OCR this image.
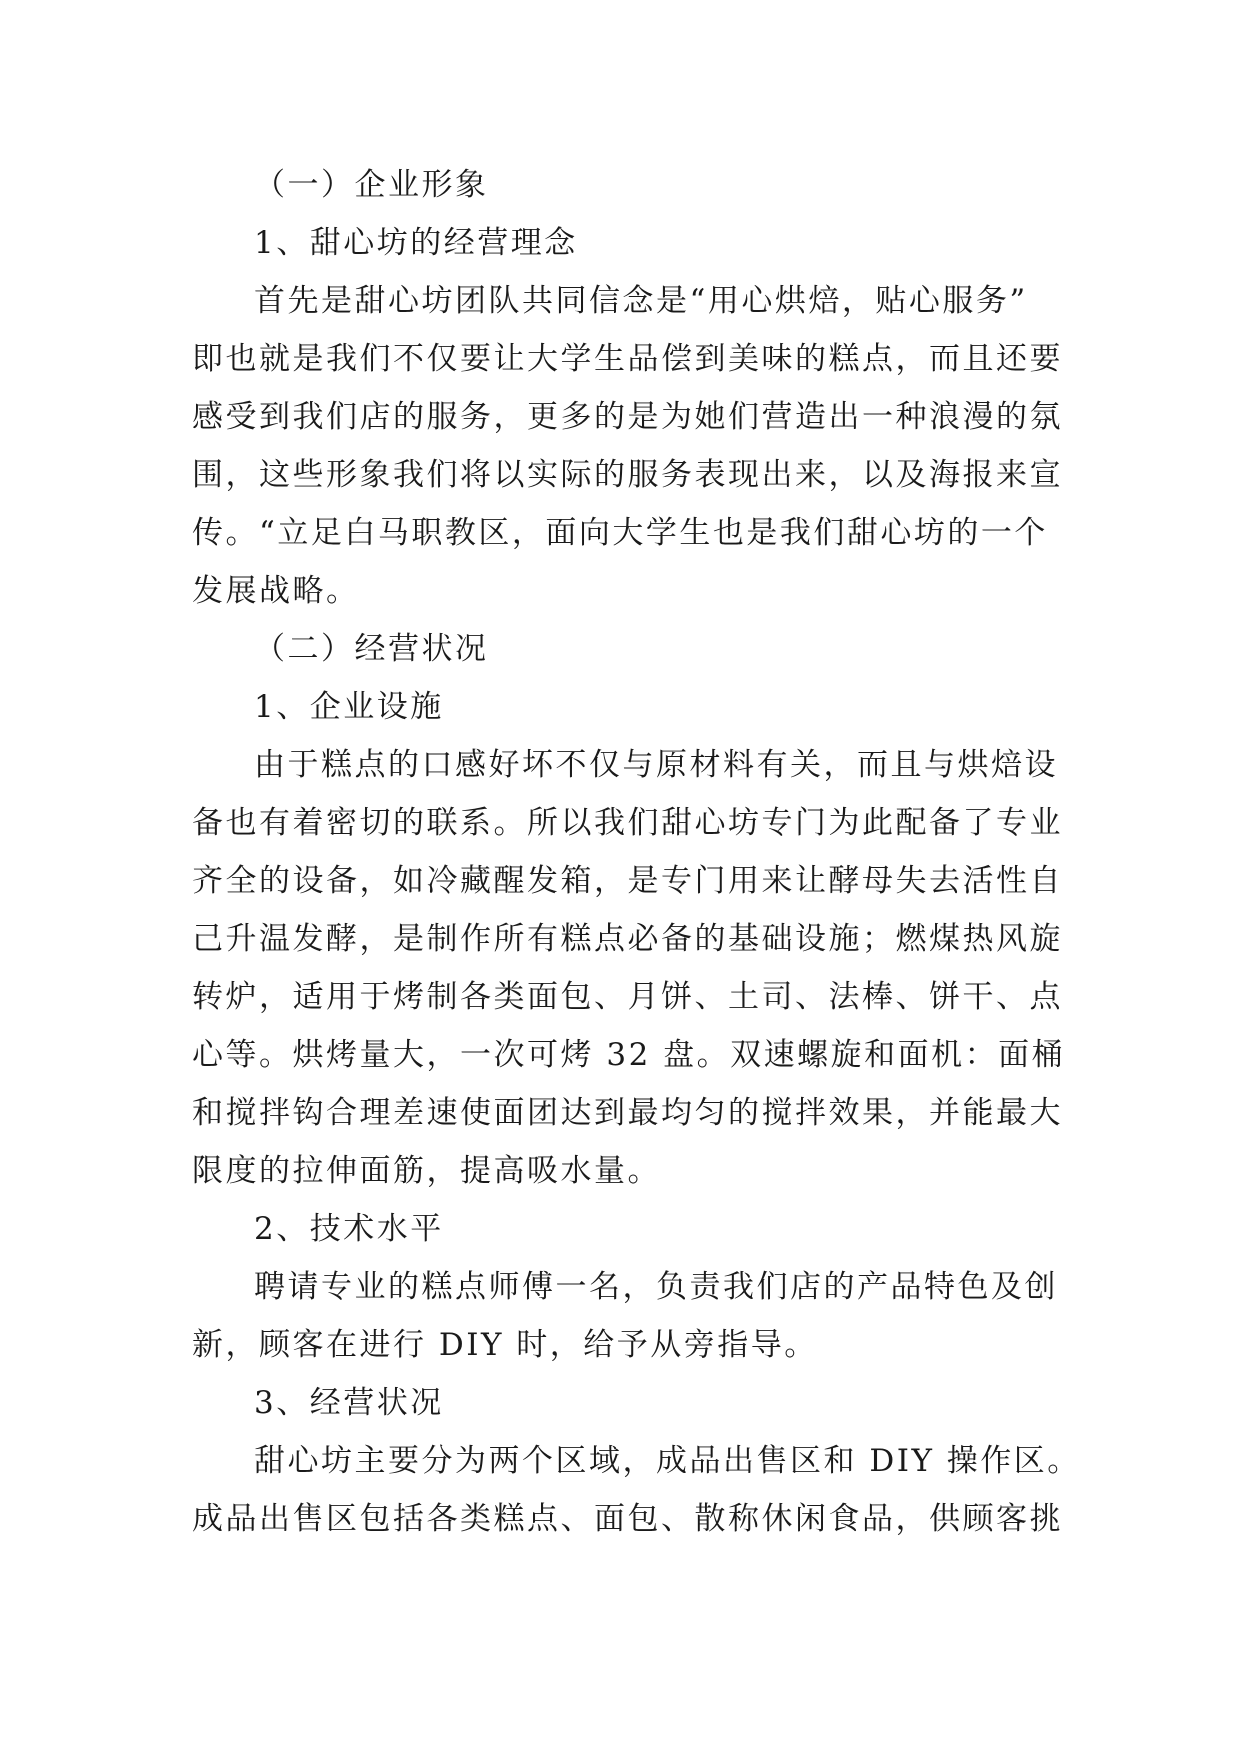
（一）企业形象
1、甜心坊的经营理念
首先是甜心坊团队共同信念是“用心烘焙，贴心服务”
即也就是我们不仅要让大学生品偿到美味的糕点，而且还要
感受到我们店的服务，更多的是为她们营造出一种浪漫的氛
围，这些形象我们将以实际的服务表现出来，以及海报来宣
传。“立足白马职教区，面向大学生也是我们甜心坊的一个
发展战略。
（二）经营状况
1、企业设施
由于糕点的口感好坏不仅与原材料有关，而且与烘焙设
备也有着密切的联系。所以我们甜心坊专门为此配备了专业
齐全的设备，如冷藏醒发箱，是专门用来让酵母失去活性自
己升温发酵，是制作所有糕点必备的基础设施；燃煤热风旋
转炉，适用于烤制各类面包、月饼、土司、法棒、饼干、点
心等。烘烤量大，一次可烤 32 盘。双速螺旋和面机：面桶
和搅拌钩合理差速使面团达到最均匀的搅拌效果，并能最大
限度的拉伸面筋，提高吸水量。
2、技术水平
聘请专业的糕点师傅一名，负责我们店的产品特色及创
新，顾客在进行 DIY 时，给予从旁指导。
3、经营状况
甜心坊主要分为两个区域，成品出售区和 DIY 操作区。
成品出售区包括各类糕点、面包、散称休闲食品，供顾客挑
